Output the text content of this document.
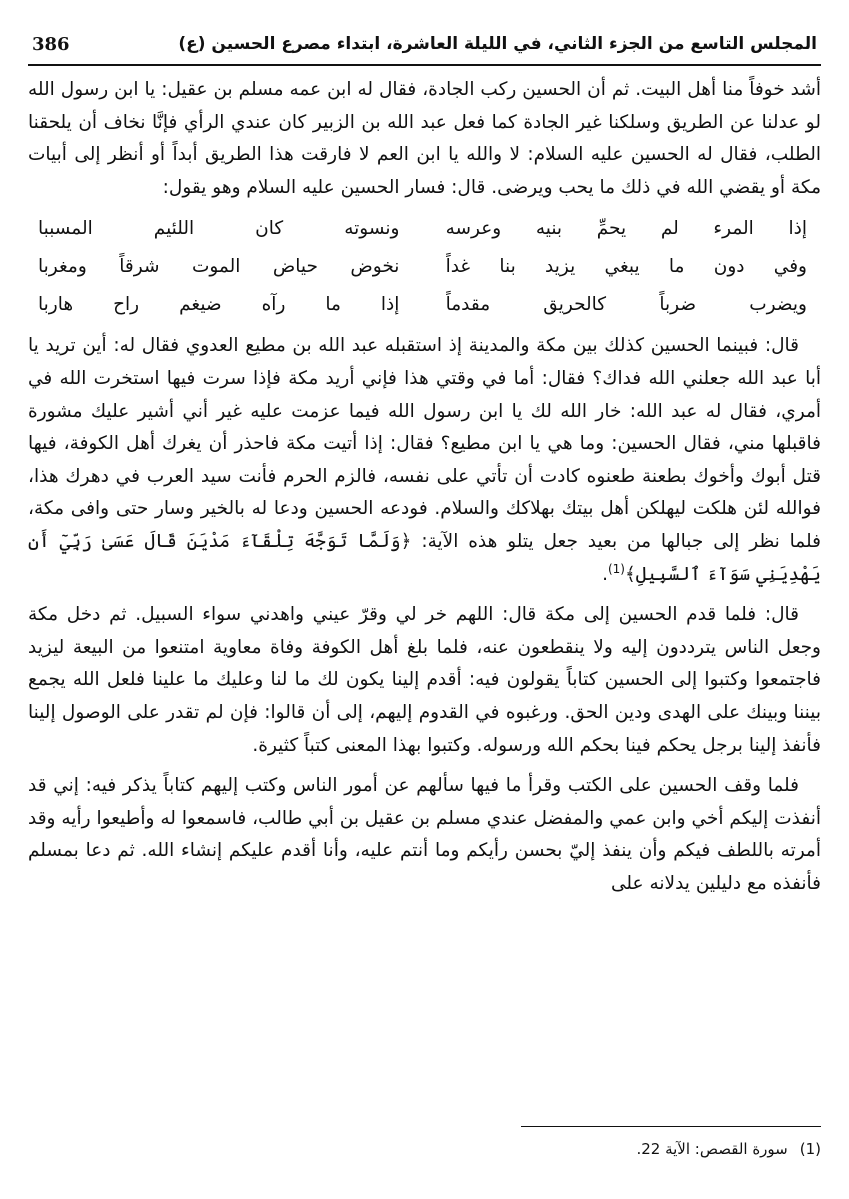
المجلس التاسع من الجزء الثاني، في الليلة العاشرة، ابتداء مصرع الحسين (ع)
386

أشد خوفاً منا أهل البيت. ثم أن الحسين ركب الجادة، فقال له ابن عمه مسلم بن عقيل: يا ابن رسول الله لو عدلنا عن الطريق وسلكنا غير الجادة كما فعل عبد الله بن الزبير كان عندي الرأي فإنَّا نخاف أن يلحقنا الطلب، فقال له الحسين عليه السلام: لا والله يا ابن العم لا فارقت هذا الطريق أبداً أو أنظر إلى أبيات مكة أو يقضي الله في ذلك ما يحب ويرضى. قال: فسار الحسين عليه السلام وهو يقول:

إذا المرء لم يحمِّ بنيه وعرسه
ونسوته كان اللئيم المسببا
وفي دون ما يبغي يزيد بنا غداً
نخوض حياض الموت شرقاً ومغربا
ويضرب ضرباً كالحريق مقدماً
إذا ما رآه ضيغم راح هاربا

قال: فبينما الحسين كذلك بين مكة والمدينة إذ استقبله عبد الله بن مطيع العدوي فقال له: أين تريد يا أبا عبد الله جعلني الله فداك؟ فقال: أما في وقتي هذا فإني أريد مكة فإذا سرت فيها استخرت الله في أمري، فقال له عبد الله: خار الله لك يا ابن رسول الله فيما عزمت عليه غير أني أشير عليك مشورة فاقبلها مني، فقال الحسين: وما هي يا ابن مطيع؟ فقال: إذا أتيت مكة فاحذر أن يغرك أهل الكوفة، فيها قتل أبوك وأخوك بطعنة طعنوه كادت أن تأتي على نفسه، فالزم الحرم فأنت سيد العرب في دهرك هذا، فوالله لئن هلكت ليهلكن أهل بيتك بهلاكك والسلام. فودعه الحسين ودعا له بالخير وسار حتى وافى مكة، فلما نظر إلى جبالها من بعيد جعل يتلو هذه الآية: ﴿وَلَمَّا تَوَجَّهَ تِلْقَآءَ مَدْيَنَ قَالَ عَسَىٰ رَبِّيٓ أَن يَهْدِيَنِي سَوَآءَ ٱلسَّبِيلِ﴾$^{(1)}$.

قال: فلما قدم الحسين إلى مكة قال: اللهم خر لي وقرّ عيني واهدني سواء السبيل. ثم دخل مكة وجعل الناس يترددون إليه ولا ينقطعون عنه، فلما بلغ أهل الكوفة وفاة معاوية امتنعوا من البيعة ليزيد فاجتمعوا وكتبوا إلى الحسين كتاباً يقولون فيه: أقدم إلينا يكون لك ما لنا وعليك ما علينا فلعل الله يجمع بيننا وبينك على الهدى ودين الحق. ورغبوه في القدوم إليهم، إلى أن قالوا: فإن لم تقدر على الوصول إلينا فأنفذ إلينا برجل يحكم فينا بحكم الله ورسوله. وكتبوا بهذا المعنى كتباً كثيرة.

فلما وقف الحسين على الكتب وقرأ ما فيها سألهم عن أمور الناس وكتب إليهم كتاباً يذكر فيه: إني قد أنفذت إليكم أخي وابن عمي والمفضل عندي مسلم بن عقيل بن أبي طالب، فاسمعوا له وأطيعوا رأيه وقد أمرته باللطف فيكم وأن ينفذ إليّ بحسن رأيكم وما أنتم عليه، وأنا أقدم عليكم إنشاء الله. ثم دعا بمسلم فأنفذه مع دليلين يدلانه على

(1)
سورة القصص: الآية 22.
